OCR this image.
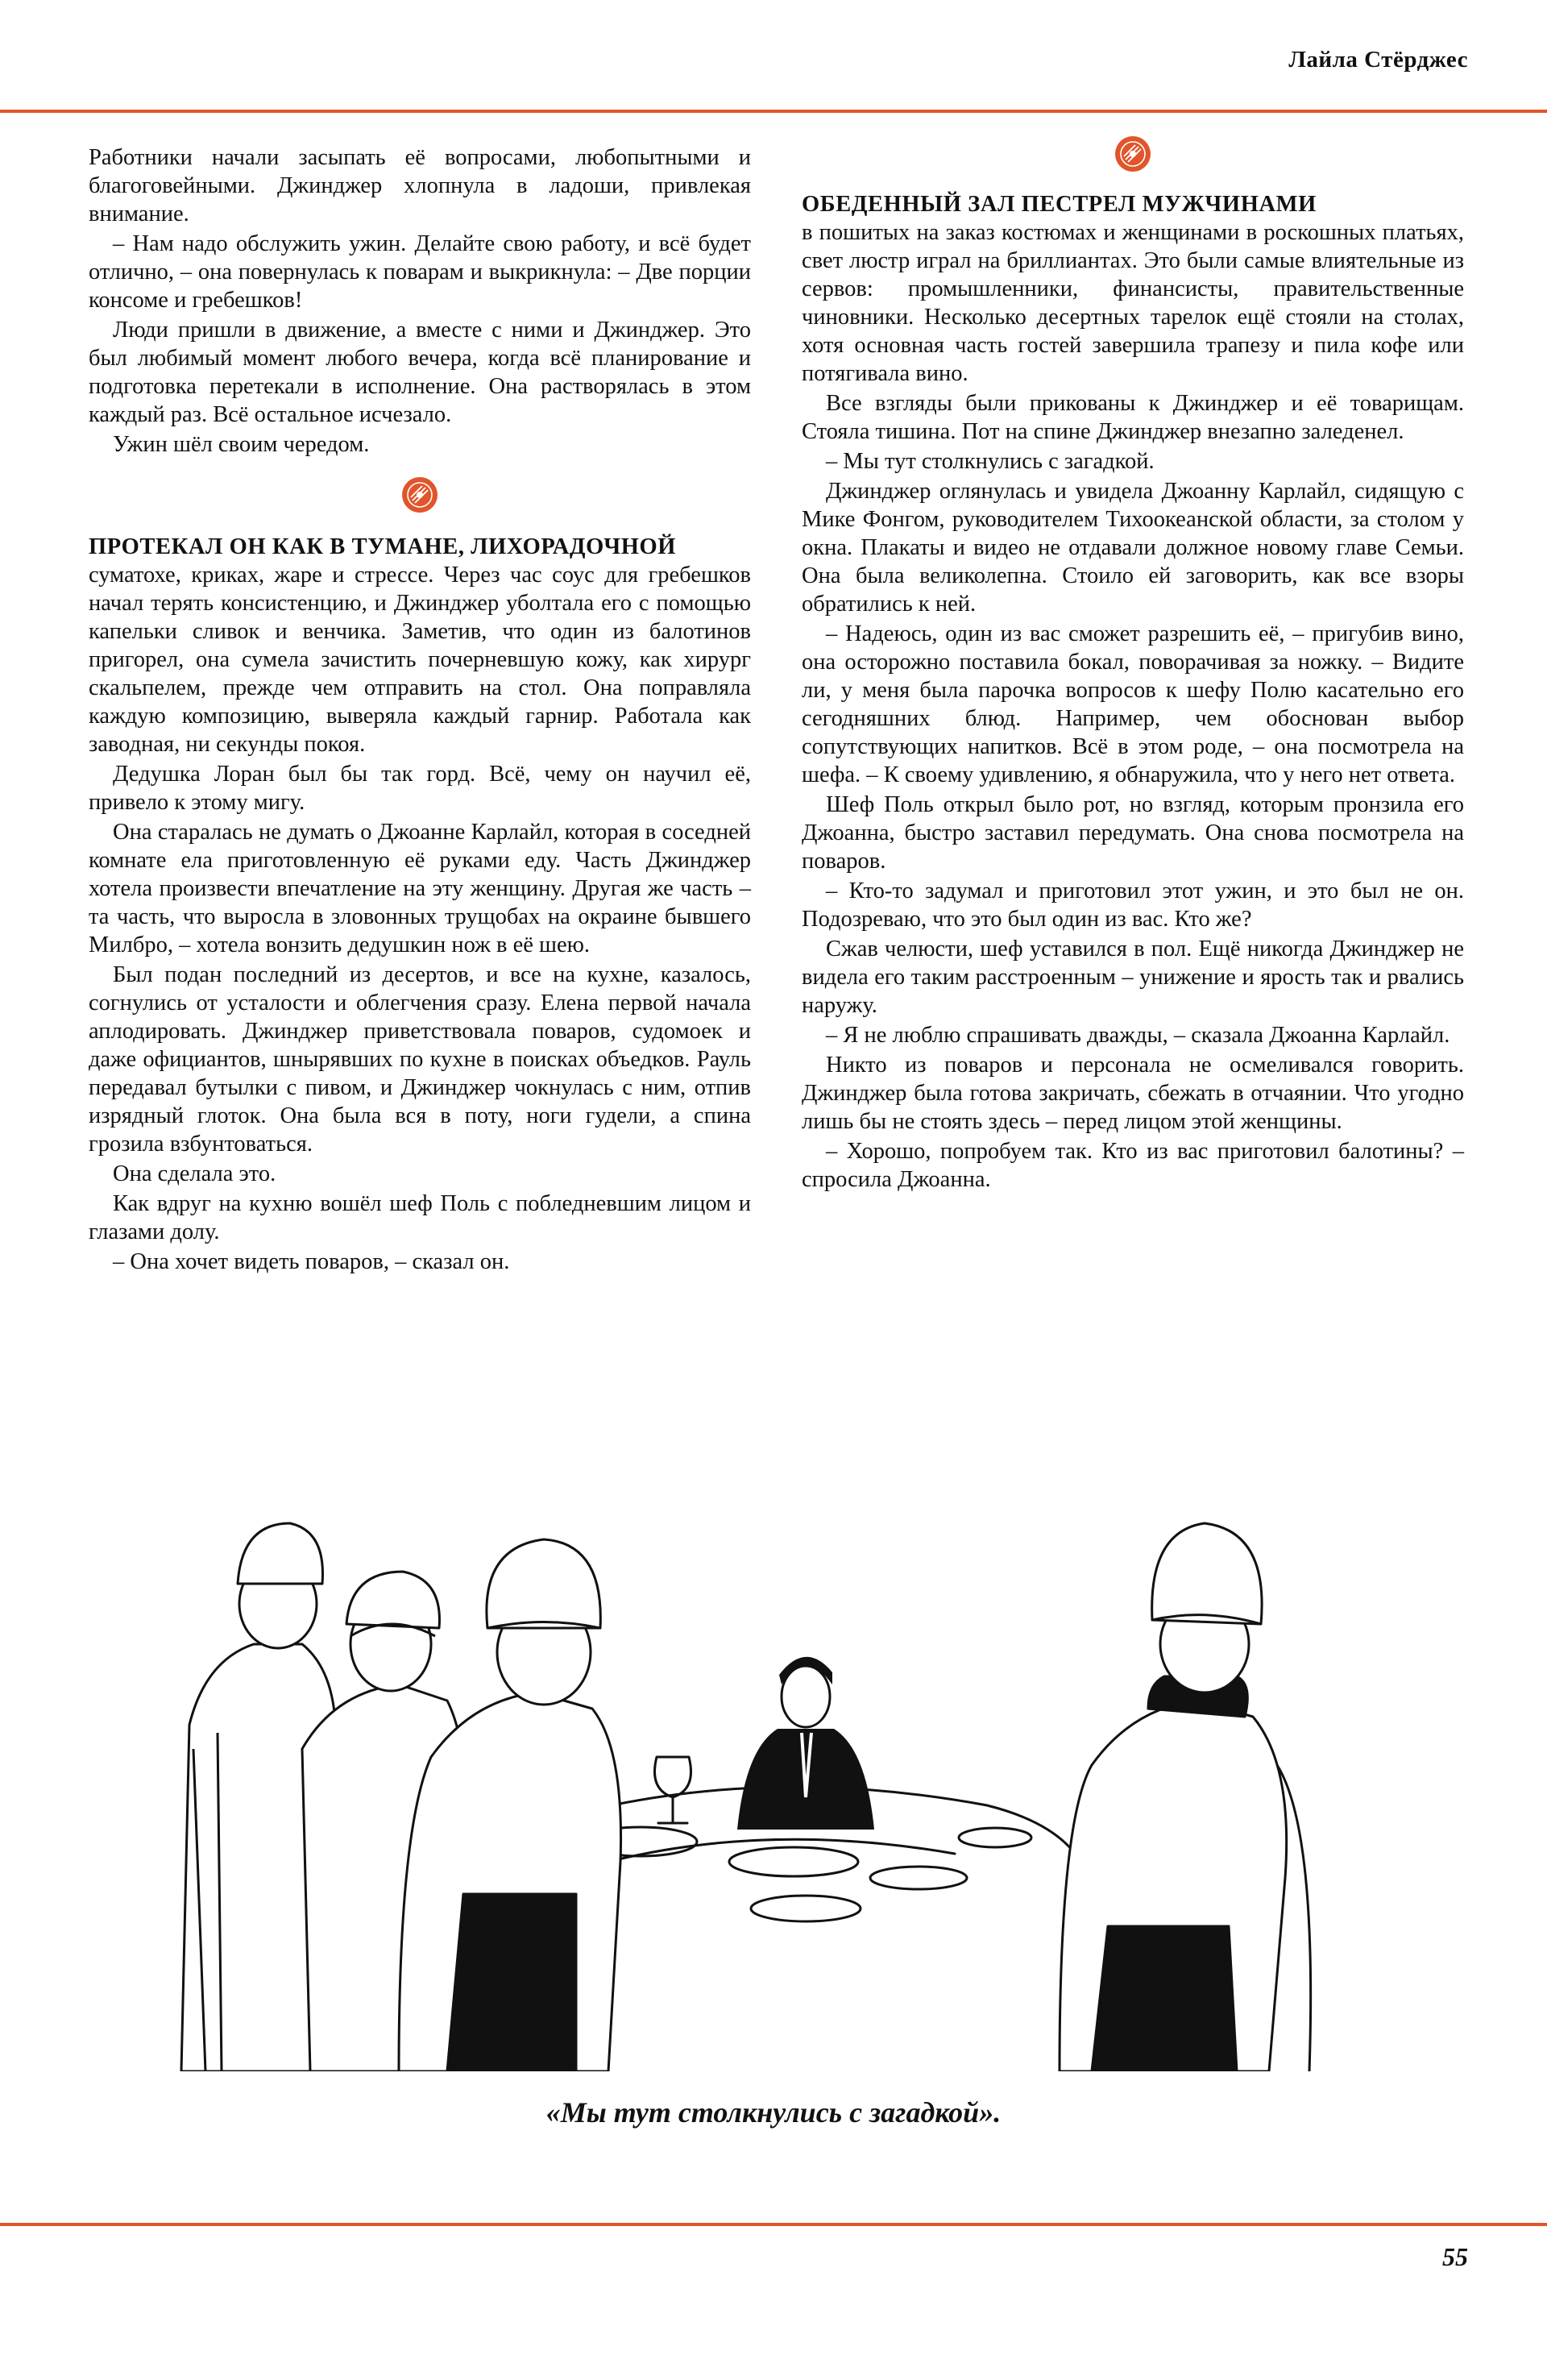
Лайла Стёрджес

Работники начали засыпать её вопросами, любопытными и благоговейными. Джинджер хлопнула в ладоши, привлекая внимание.

– Нам надо обслужить ужин. Делайте свою работу, и всё будет отлично, – она повернулась к поварам и выкрикнула: – Две порции консоме и гребешков!

Люди пришли в движение, а вместе с ними и Джинджер. Это был любимый момент любого вечера, когда всё планирование и подготовка перетекали в исполнение. Она растворялась в этом каждый раз. Всё остальное исчезало.

Ужин шёл своим чередом.

ПРОТЕКАЛ ОН КАК В ТУМАНЕ, ЛИХОРАДОЧНОЙ
суматохе, криках, жаре и стрессе. Через час соус для гребешков начал терять консистенцию, и Джинджер уболтала его с помощью капельки сливок и венчика. Заметив, что один из балотинов пригорел, она сумела зачистить почерневшую кожу, как хирург скальпелем, прежде чем отправить на стол. Она поправляла каждую композицию, выверяла каждый гарнир. Работала как заводная, ни секунды покоя.

Дедушка Лоран был бы так горд. Всё, чему он научил её, привело к этому мигу.

Она старалась не думать о Джоанне Карлайл, которая в соседней комнате ела приготовленную её руками еду. Часть Джинджер хотела произвести впечатление на эту женщину. Другая же часть – та часть, что выросла в зловонных трущобах на окраине бывшего Милбро, – хотела вонзить дедушкин нож в её шею.

Был подан последний из десертов, и все на кухне, казалось, согнулись от усталости и облегчения сразу. Елена первой начала аплодировать. Джинджер приветствовала поваров, судомоек и даже официантов, шнырявших по кухне в поисках объедков. Рауль передавал бутылки с пивом, и Джинджер чокнулась с ним, отпив изрядный глоток. Она была вся в поту, ноги гудели, а спина грозила взбунтоваться.

Она сделала это.

Как вдруг на кухню вошёл шеф Поль с побледневшим лицом и глазами долу.

– Она хочет видеть поваров, – сказал он.

ОБЕДЕННЫЙ ЗАЛ ПЕСТРЕЛ МУЖЧИНАМИ
в пошитых на заказ костюмах и женщинами в роскошных платьях, свет люстр играл на бриллиантах. Это были самые влиятельные из сервов: промышленники, финансисты, правительственные чиновники. Несколько десертных тарелок ещё стояли на столах, хотя основная часть гостей завершила трапезу и пила кофе или потягивала вино.

Все взгляды были прикованы к Джинджер и её товарищам. Стояла тишина. Пот на спине Джинджер внезапно заледенел.

– Мы тут столкнулись с загадкой.

Джинджер оглянулась и увидела Джоанну Карлайл, сидящую с Мике Фонгом, руководителем Тихоокеанской области, за столом у окна. Плакаты и видео не отдавали должное новому главе Семьи. Она была великолепна. Стоило ей заговорить, как все взоры обратились к ней.

– Надеюсь, один из вас сможет разрешить её, – пригубив вино, она осторожно поставила бокал, поворачивая за ножку. – Видите ли, у меня была парочка вопросов к шефу Полю касательно его сегодняшних блюд. Например, чем обоснован выбор сопутствующих напитков. Всё в этом роде, – она посмотрела на шефа. – К своему удивлению, я обнаружила, что у него нет ответа.

Шеф Поль открыл было рот, но взгляд, которым пронзила его Джоанна, быстро заставил передумать. Она снова посмотрела на поваров.

– Кто-то задумал и приготовил этот ужин, и это был не он. Подозреваю, что это был один из вас. Кто же?

Сжав челюсти, шеф уставился в пол. Ещё никогда Джинджер не видела его таким расстроенным – унижение и ярость так и рвались наружу.

– Я не люблю спрашивать дважды, – сказала Джоанна Карлайл.

Никто из поваров и персонала не осмеливался говорить. Джинджер была готова закричать, сбежать в отчаянии. Что угодно лишь бы не стоять здесь – перед лицом этой женщины.

– Хорошо, попробуем так. Кто из вас приготовил балотины? – спросила Джоанна.

«Мы тут столкнулись с загадкой».
55
